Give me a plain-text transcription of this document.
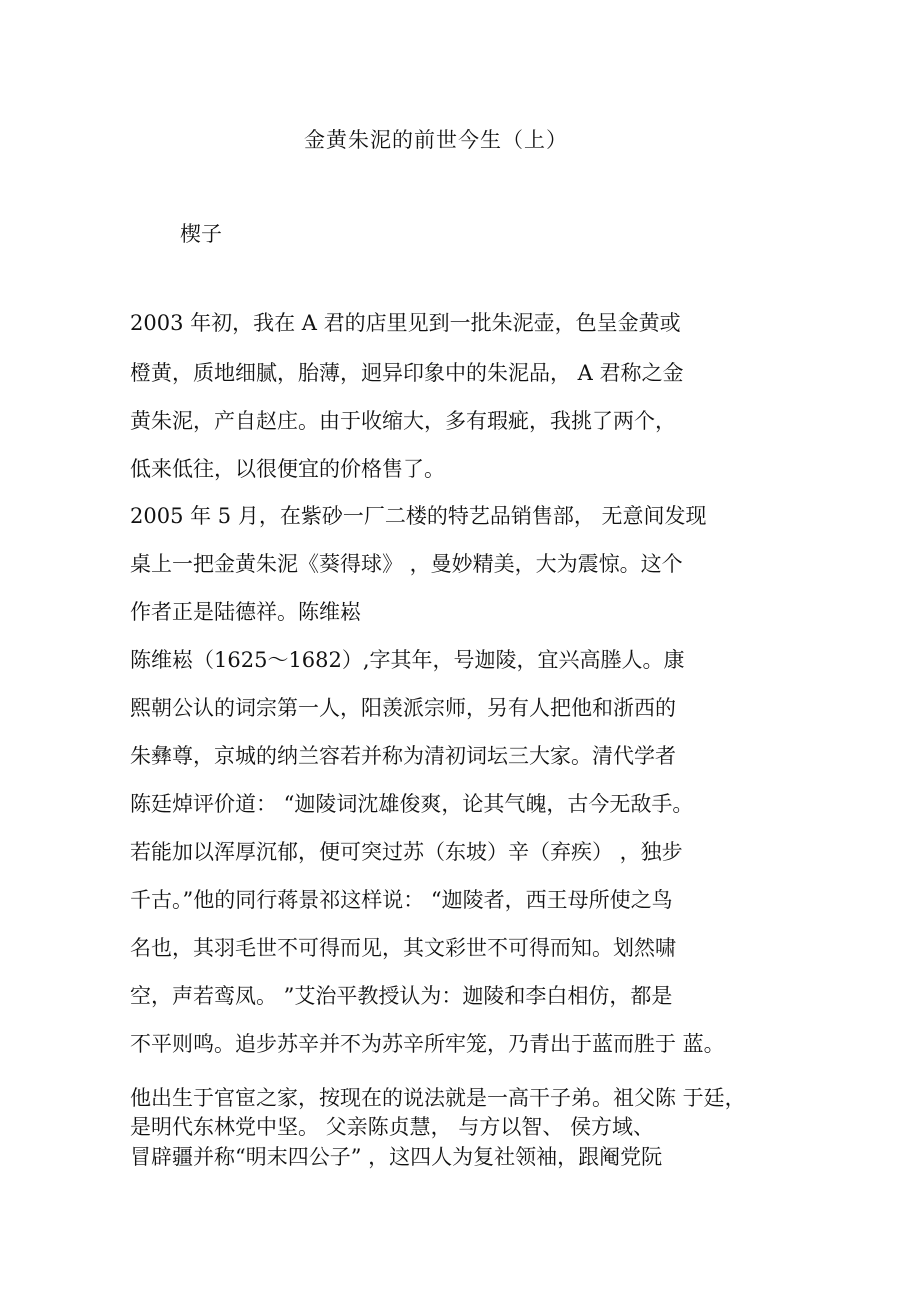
金黄朱泥的前世今生（上）
楔子
2003 年初，我在 A 君的店里见到一批朱泥壶，色呈金黄或
橙黄，质地细腻，胎薄，迥异印象中的朱泥品， A 君称之金
黄朱泥，产自赵庄。由于收缩大，多有瑕疵，我挑了两个，
低来低往，以很便宜的价格售了。
2005 年 5 月，在紫砂一厂二楼的特艺品销售部， 无意间发现
桌上一把金黄朱泥《葵得球》 ，曼妙精美，大为震惊。这个
作者正是陆德祥。陈维崧
陈维崧（1625～1682）,字其年，号迦陵，宜兴高塍人。康
熙朝公认的词宗第一人，阳羡派宗师，另有人把他和浙西的
朱彝尊，京城的纳兰容若并称为清初词坛三大家。清代学者
陈廷焯评价道： “迦陵词沈雄俊爽，论其气魄，古今无敌手。
若能加以浑厚沉郁，便可突过苏（东坡）辛（弃疾） ，独步
千古。”他的同行蒋景祁这样说： “迦陵者，西王母所使之鸟
名也，其羽毛世不可得而见，其文彩世不可得而知。划然啸
空，声若鸾凤。 ”艾治平教授认为：迦陵和李白相仿，都是
不平则鸣。追步苏辛并不为苏辛所牢笼，乃青出于蓝而胜于 蓝。
他出生于官宦之家，按现在的说法就是一高干子弟。祖父陈 于廷，
是明代东林党中坚。 父亲陈贞慧， 与方以智、 侯方域、
冒辟疆并称“明末四公子” ，这四人为复社领袖，跟阉党阮
